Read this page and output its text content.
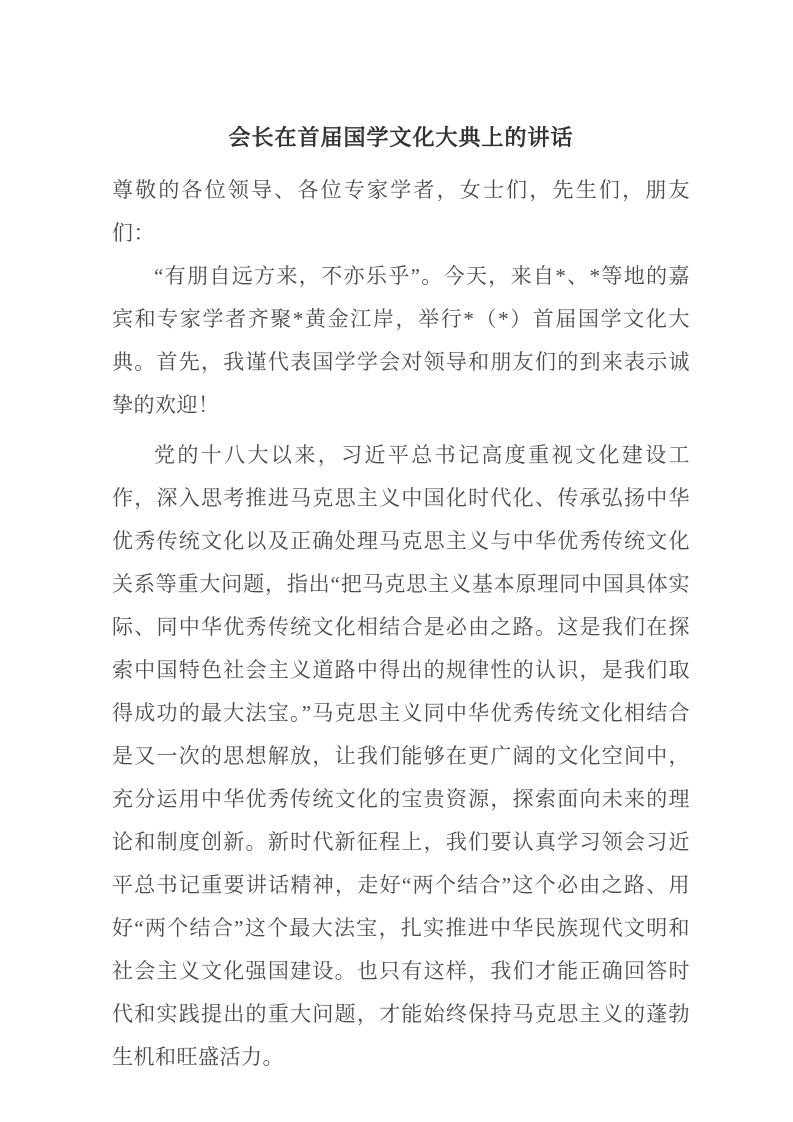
会长在首届国学文化大典上的讲话

尊敬的各位领导、各位专家学者，女士们，先生们，朋友们：

“有朋自远方来，不亦乐乎”。今天，来自*、*等地的嘉宾和专家学者齐聚*黄金江岸，举行*（*）首届国学文化大典。首先，我谨代表国学学会对领导和朋友们的到来表示诚挚的欢迎！

党的十八大以来，习近平总书记高度重视文化建设工作，深入思考推进马克思主义中国化时代化、传承弘扬中华优秀传统文化以及正确处理马克思主义与中华优秀传统文化关系等重大问题，指出“把马克思主义基本原理同中国具体实际、同中华优秀传统文化相结合是必由之路。这是我们在探索中国特色社会主义道路中得出的规律性的认识，是我们取得成功的最大法宝。”马克思主义同中华优秀传统文化相结合是又一次的思想解放，让我们能够在更广阔的文化空间中，充分运用中华优秀传统文化的宝贵资源，探索面向未来的理论和制度创新。新时代新征程上，我们要认真学习领会习近平总书记重要讲话精神，走好“两个结合”这个必由之路、用好“两个结合”这个最大法宝，扎实推进中华民族现代文明和社会主义文化强国建设。也只有这样，我们才能正确回答时代和实践提出的重大问题，才能始终保持马克思主义的蓬勃生机和旺盛活力。
